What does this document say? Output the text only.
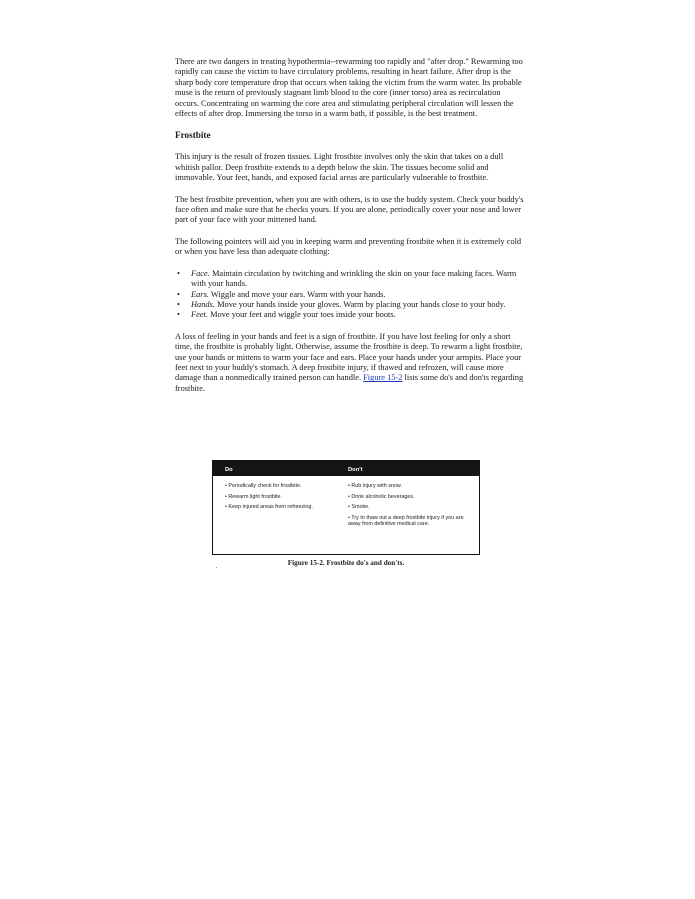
There are two dangers in treating hypothermia--rewarming too rapidly and "after drop." Rewarming too rapidly can cause the victim to have circulatory problems, resulting in heart failure. After drop is the sharp body core temperature drop that occurs when taking the victim from the warm water. Its probable muse is the return of previously stagnant limb blood to the core (inner torso) area as recirculation occurs. Concentrating on warming the core area and stimulating peripheral circulation will lessen the effects of after drop. Immersing the torso in a warm bath, if possible, is the best treatment.

Frostbite

This injury is the result of frozen tissues. Light frostbite involves only the skin that takes on a dull whitish pallor. Deep frostbite extends to a depth below the skin. The tissues become solid and immovable. Your feet, hands, and exposed facial areas are particularly vulnerable to frostbite.

The best frostbite prevention, when you are with others, is to use the buddy system. Check your buddy's face often and make sure that he checks yours. If you are alone, periodically cover your nose and lower part of your face with your mittened hand.

The following pointers will aid you in keeping warm and preventing frostbite when it is extremely cold or when you have less than adequate clothing:

• Face. Maintain circulation by twitching and wrinkling the skin on your face making faces. Warm with your hands.
• Ears. Wiggle and move your ears. Warm with your hands.
• Hands. Move your hands inside your gloves. Warm by placing your hands close to your body.
• Feet. Move your feet and wiggle your toes inside your boots.

A loss of feeling in your hands and feet is a sign of frostbite. If you have lost feeling for only a short time, the frostbite is probably light. Otherwise, assume the frostbite is deep. To rewarm a light frostbite, use your hands or mittens to warm your face and ears. Place your hands under your armpits. Place your feet next to your buddy's stomach. A deep frostbite injury, if thawed and refrozen, will cause more damage than a nonmedically trained person can handle. Figure 15-2 lists some do's and don'ts regarding frostbite.

Do	Don't
• Periodically check for frostbite.
• Rewarm light frostbite.
• Keep injured areas from refreezing.
• Rub injury with snow.
• Drink alcoholic beverages.
• Smoke.
• Try to thaw out a deep frostbite injury if you are away from definitive medical care.
Figure 15-2. Frostbite do's and don'ts.
